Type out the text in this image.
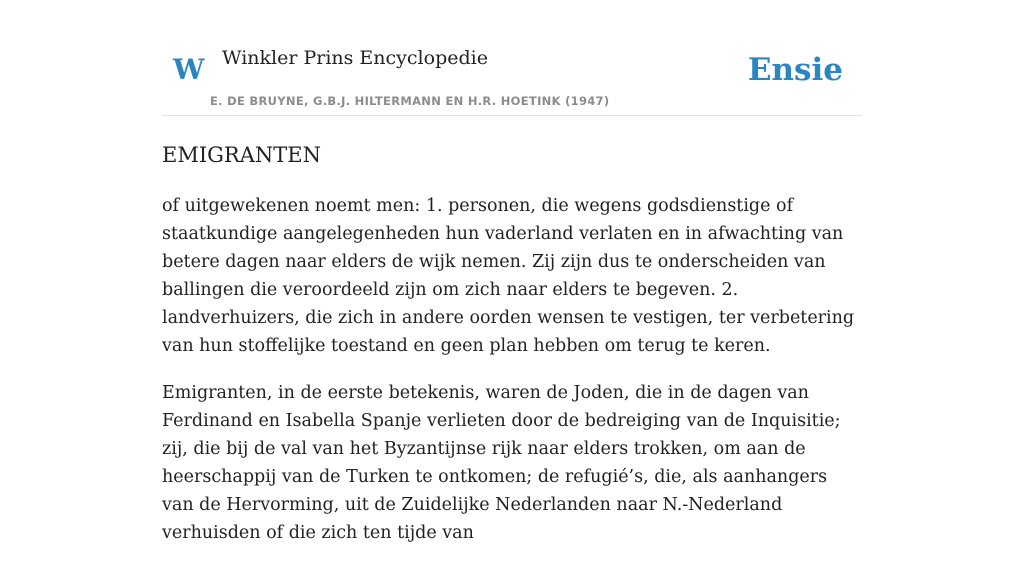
W Winkler Prins Encyclopedie
E. DE BRUYNE, G.B.J. HILTERMANN EN H.R. HOETINK (1947)
Ensie
EMIGRANTEN

of uitgewekenen noemt men: 1. personen, die wegens godsdienstige of staatkundige aangelegenheden hun vaderland verlaten en in afwachting van betere dagen naar elders de wijk nemen. Zij zijn dus te onderscheiden van ballingen die veroordeeld zijn om zich naar elders te begeven. 2. landverhuizers, die zich in andere oorden wensen te vestigen, ter verbetering van hun stoffelijke toestand en geen plan hebben om terug te keren.

Emigranten, in de eerste betekenis, waren de Joden, die in de dagen van Ferdinand en Isabella Spanje verlieten door de bedreiging van de Inquisitie; zij, die bij de val van het Byzantijnse rijk naar elders trokken, om aan de heerschappij van de Turken te ontkomen; de refugié’s, die, als aanhangers van de Hervorming, uit de Zuidelijke Nederlanden naar N.-Nederland verhuisden of die zich ten tijde van
